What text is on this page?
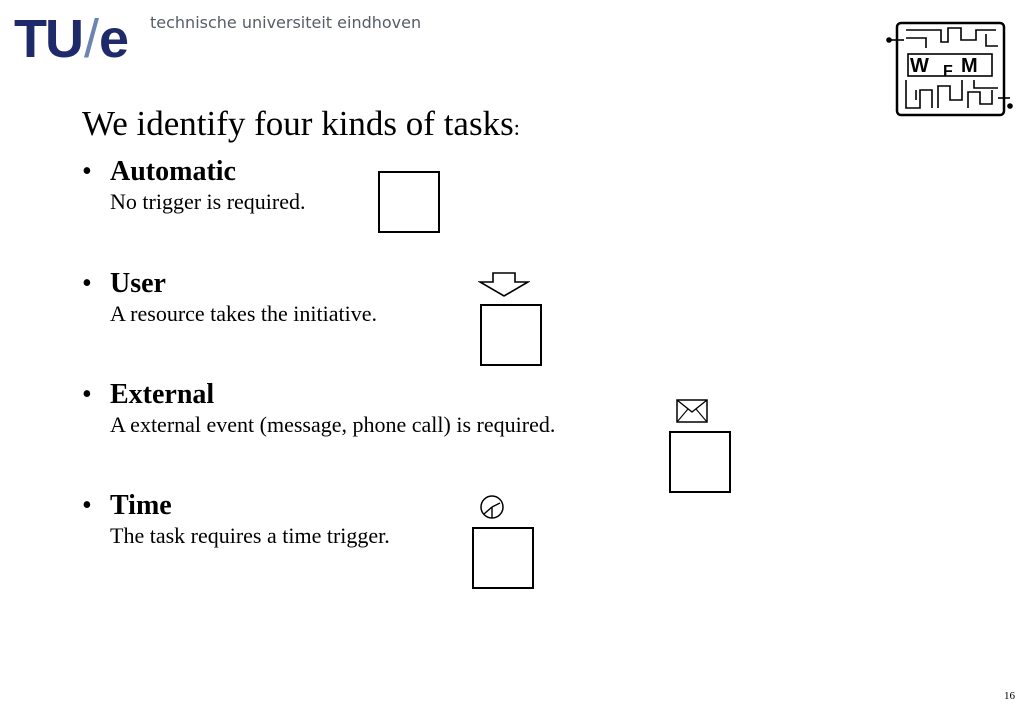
TU/e technische universiteit eindhoven
W F M
We identify four kinds of tasks:
• Automatic
No trigger is required.
• User
A resource takes the initiative.
• External
A external event (message, phone call) is required.
• Time
The task requires a time trigger.
16
